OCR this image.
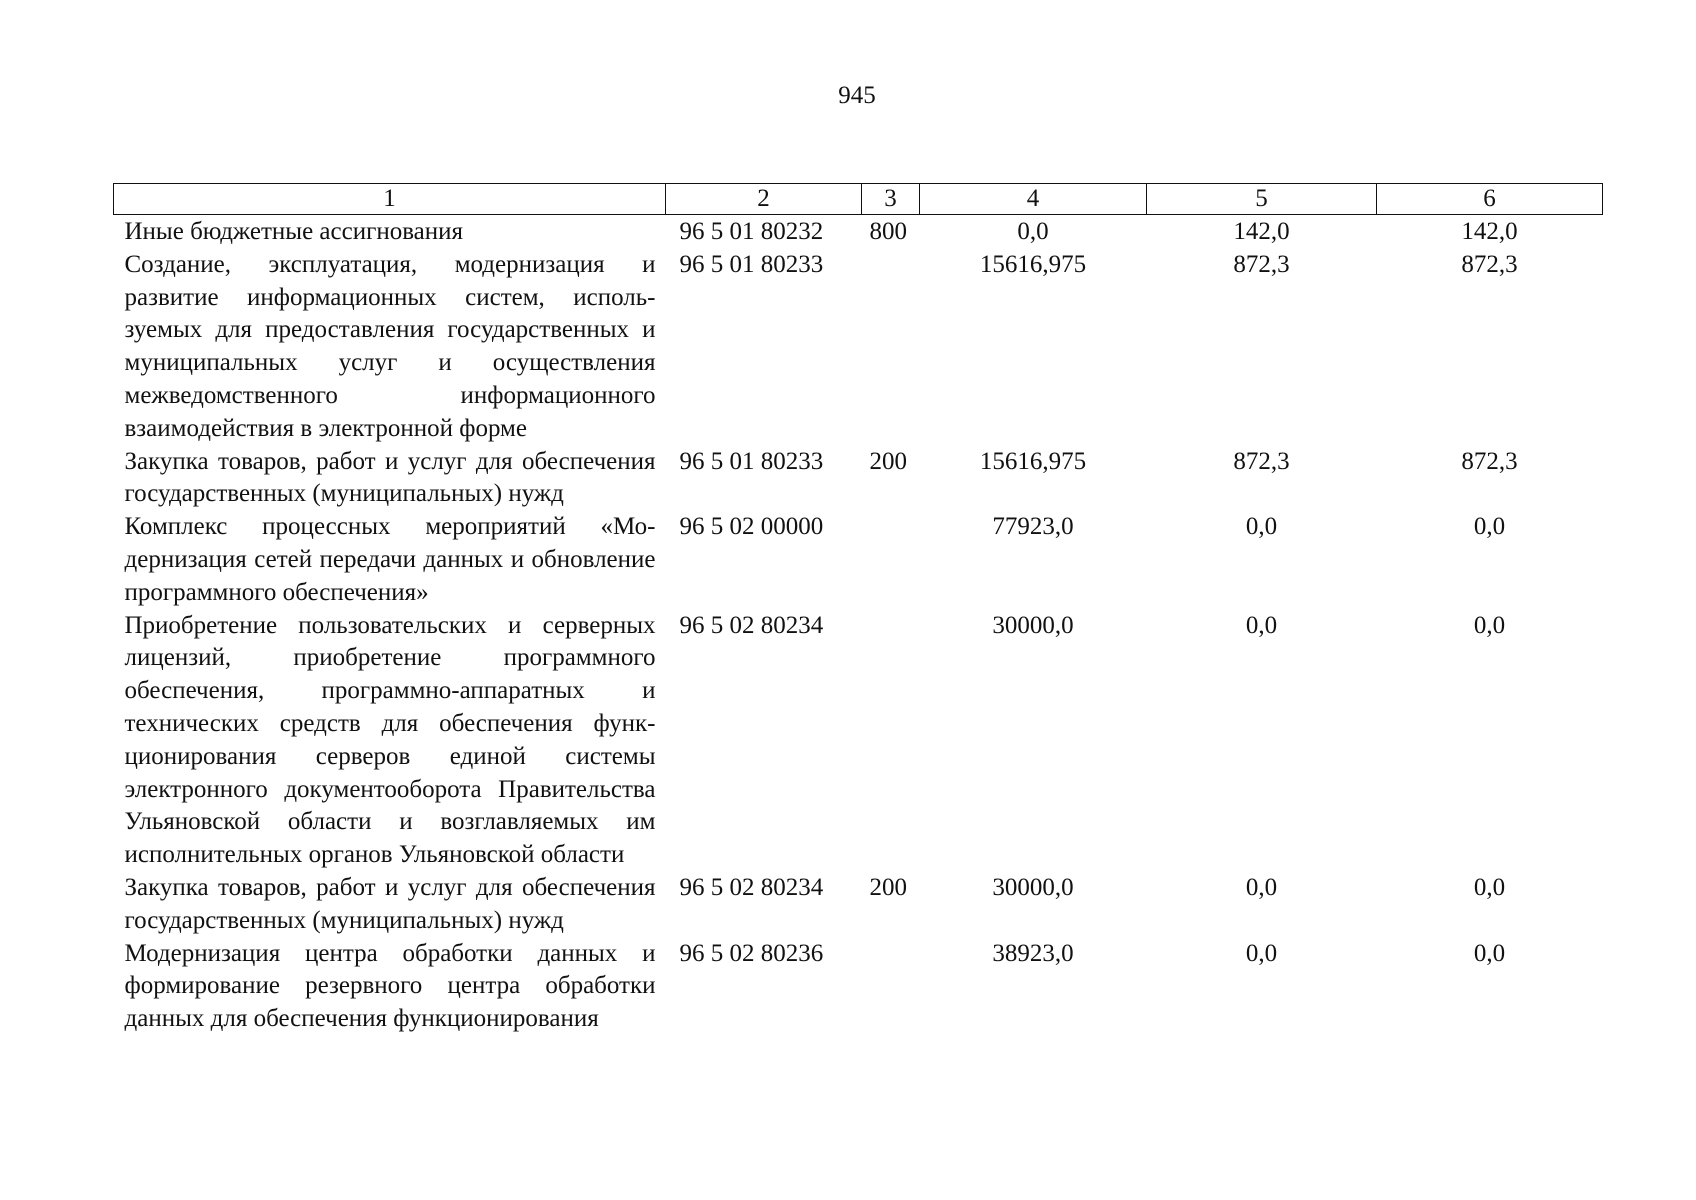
945
1	2	3	4	5	6
Иные бюджетные ассигнования	96 5 01 80232	800	0,0	142,0	142,0
Создание, эксплуатация, модернизация и развитие информационных систем, используемых для предоставления государственных и муниципальных услуг и осуществления межведомственного информационного взаимодействия в электронной форме	96 5 01 80233		15616,975	872,3	872,3
Закупка товаров, работ и услуг для обеспечения государственных (муниципальных) нужд	96 5 01 80233	200	15616,975	872,3	872,3
Комплекс процессных мероприятий «Модернизация сетей передачи данных и обновление программного обеспечения»	96 5 02 00000		77923,0	0,0	0,0
Приобретение пользовательских и серверных лицензий, приобретение программного обеспечения, программно-аппаратных и технических средств для обеспечения функционирования серверов единой системы электронного документооборота Правительства Ульяновской области и возглавляемых им исполнительных органов Ульяновской области	96 5 02 80234		30000,0	0,0	0,0
Закупка товаров, работ и услуг для обеспечения государственных (муниципальных) нужд	96 5 02 80234	200	30000,0	0,0	0,0
Модернизация центра обработки данных и формирование резервного центра обработки данных для обеспечения функционирования	96 5 02 80236		38923,0	0,0	0,0
